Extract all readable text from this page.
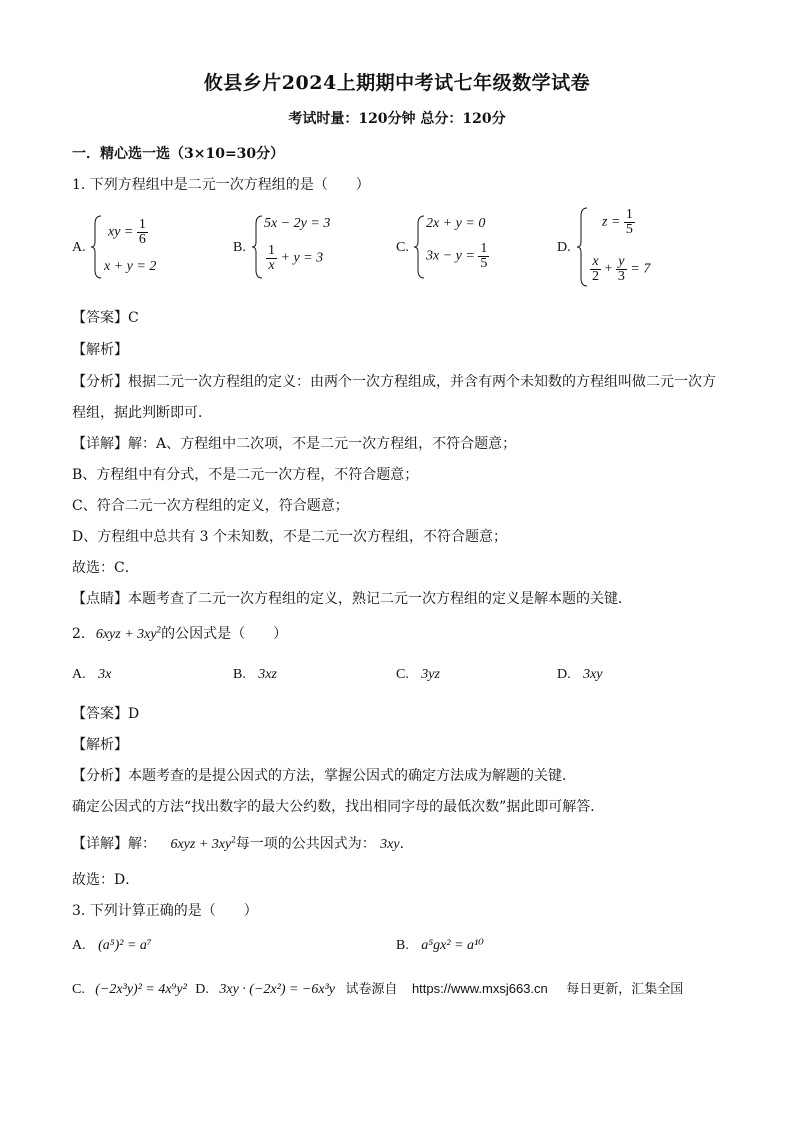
攸县乡片2024上期期中考试七年级数学试卷
考试时量：120分钟 总分：120分
一．精心选一选（3×10=30分）
1. 下列方程组中是二元一次方程组的是（　　）
A.
xy = $\frac{1}{6}$
x + y = 2
B.
5x − 2y = 3
$\frac{1}{x} + y = 3$
C.
2x + y = 0
$3x - y = \frac{1}{5}$	D.
$z = \frac{1}{5}$
$\frac{x}{2} + \frac{y}{3} = 7$
【答案】C
【解析】
【分析】根据二元一次方程组的定义：由两个一次方程组成，并含有两个未知数的方程组叫做二元一次方
程组，据此判断即可．
【详解】解：A、方程组中二次项，不是二元一次方程组，不符合题意；
B、方程组中有分式，不是二元一次方程，不符合题意；
C、符合二元一次方程组的定义，符合题意；
D、方程组中总共有 3 个未知数，不是二元一次方程组，不符合题意；
故选：C．
【点睛】本题考查了二元一次方程组的定义，熟记二元一次方程组的定义是解本题的关键．
2. $6xyz + 3xy^2$的公因式是（　　）
A. 3x	B. 3xz	C. 3yz	D. 3xy
【答案】D
【解析】
【分析】本题考查的是提公因式的方法，掌握公因式的确定方法成为解题的关键．
确定公因式的方法“找出数字的最大公约数，找出相同字母的最低次数”据此即可解答．
【详解】解： $6xyz + 3xy^2$每一项的公共因式为： 3xy．
故选：D．
3. 下列计算正确的是（　　）
A. (a⁵)² = a⁷	B. a⁵gx² = a¹⁰
C. (−2x³y)² = 4x⁹y² D. 3xy · (−2x²) = −6x³y 试卷源自 https://www.mxsj663.cn 每日更新，汇集全国
